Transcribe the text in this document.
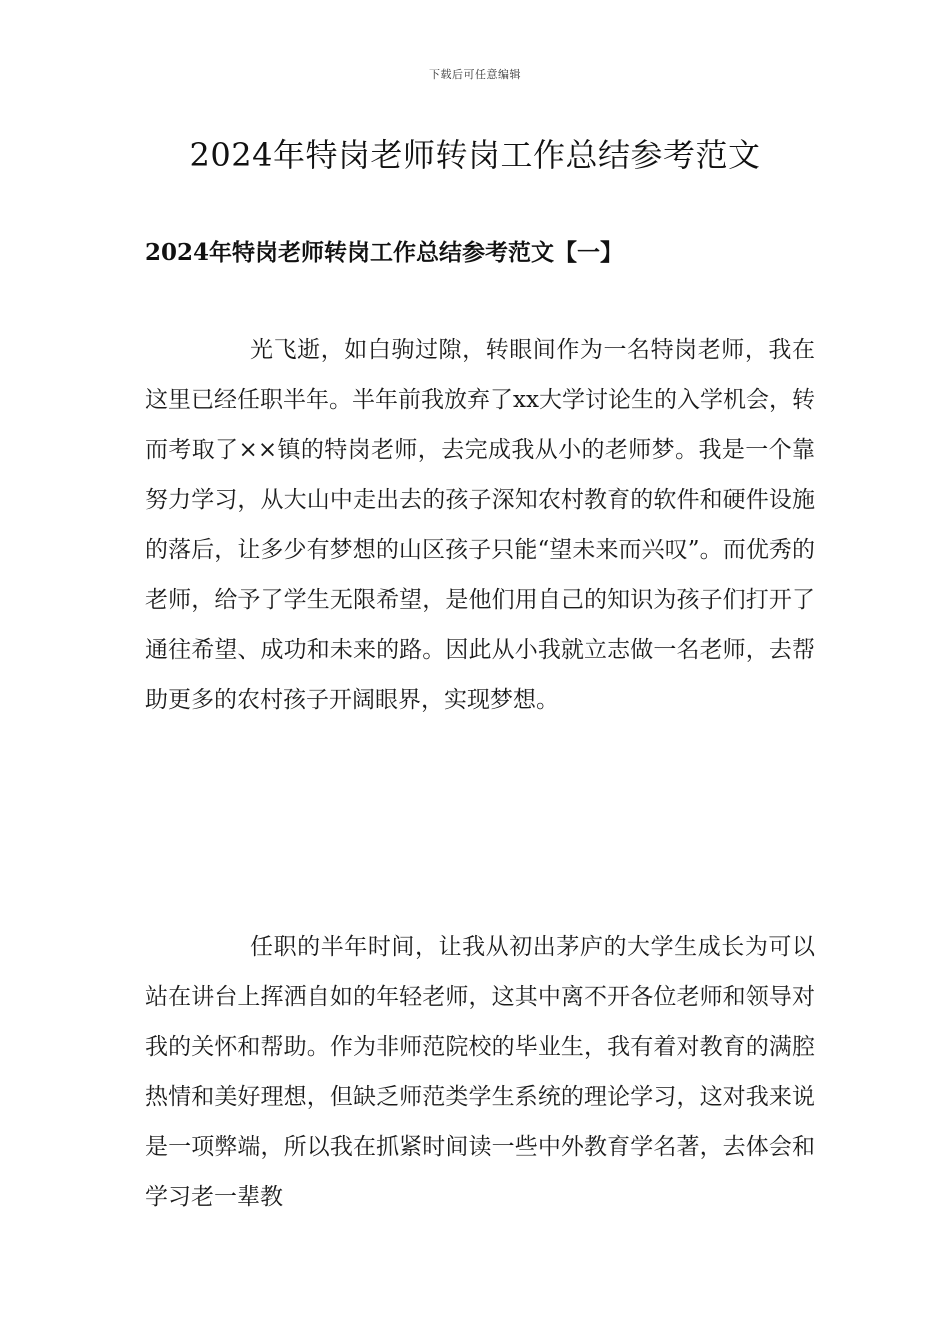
下载后可任意编辑
2024年特岗老师转岗工作总结参考范文
2024年特岗老师转岗工作总结参考范文【一】

光飞逝，如白驹过隙，转眼间作为一名特岗老师，我在这里已经任职半年。半年前我放弃了xx大学讨论生的入学机会，转而考取了××镇的特岗老师，去完成我从小的老师梦。我是一个靠努力学习，从大山中走出去的孩子深知农村教育的软件和硬件设施的落后，让多少有梦想的山区孩子只能“望未来而兴叹”。而优秀的老师，给予了学生无限希望，是他们用自己的知识为孩子们打开了通往希望、成功和未来的路。因此从小我就立志做一名老师，去帮助更多的农村孩子开阔眼界，实现梦想。

任职的半年时间，让我从初出茅庐的大学生成长为可以站在讲台上挥洒自如的年轻老师，这其中离不开各位老师和领导对我的关怀和帮助。作为非师范院校的毕业生，我有着对教育的满腔热情和美好理想，但缺乏师范类学生系统的理论学习，这对我来说是一项弊端，所以我在抓紧时间读一些中外教育学名著，去体会和学习老一辈教
